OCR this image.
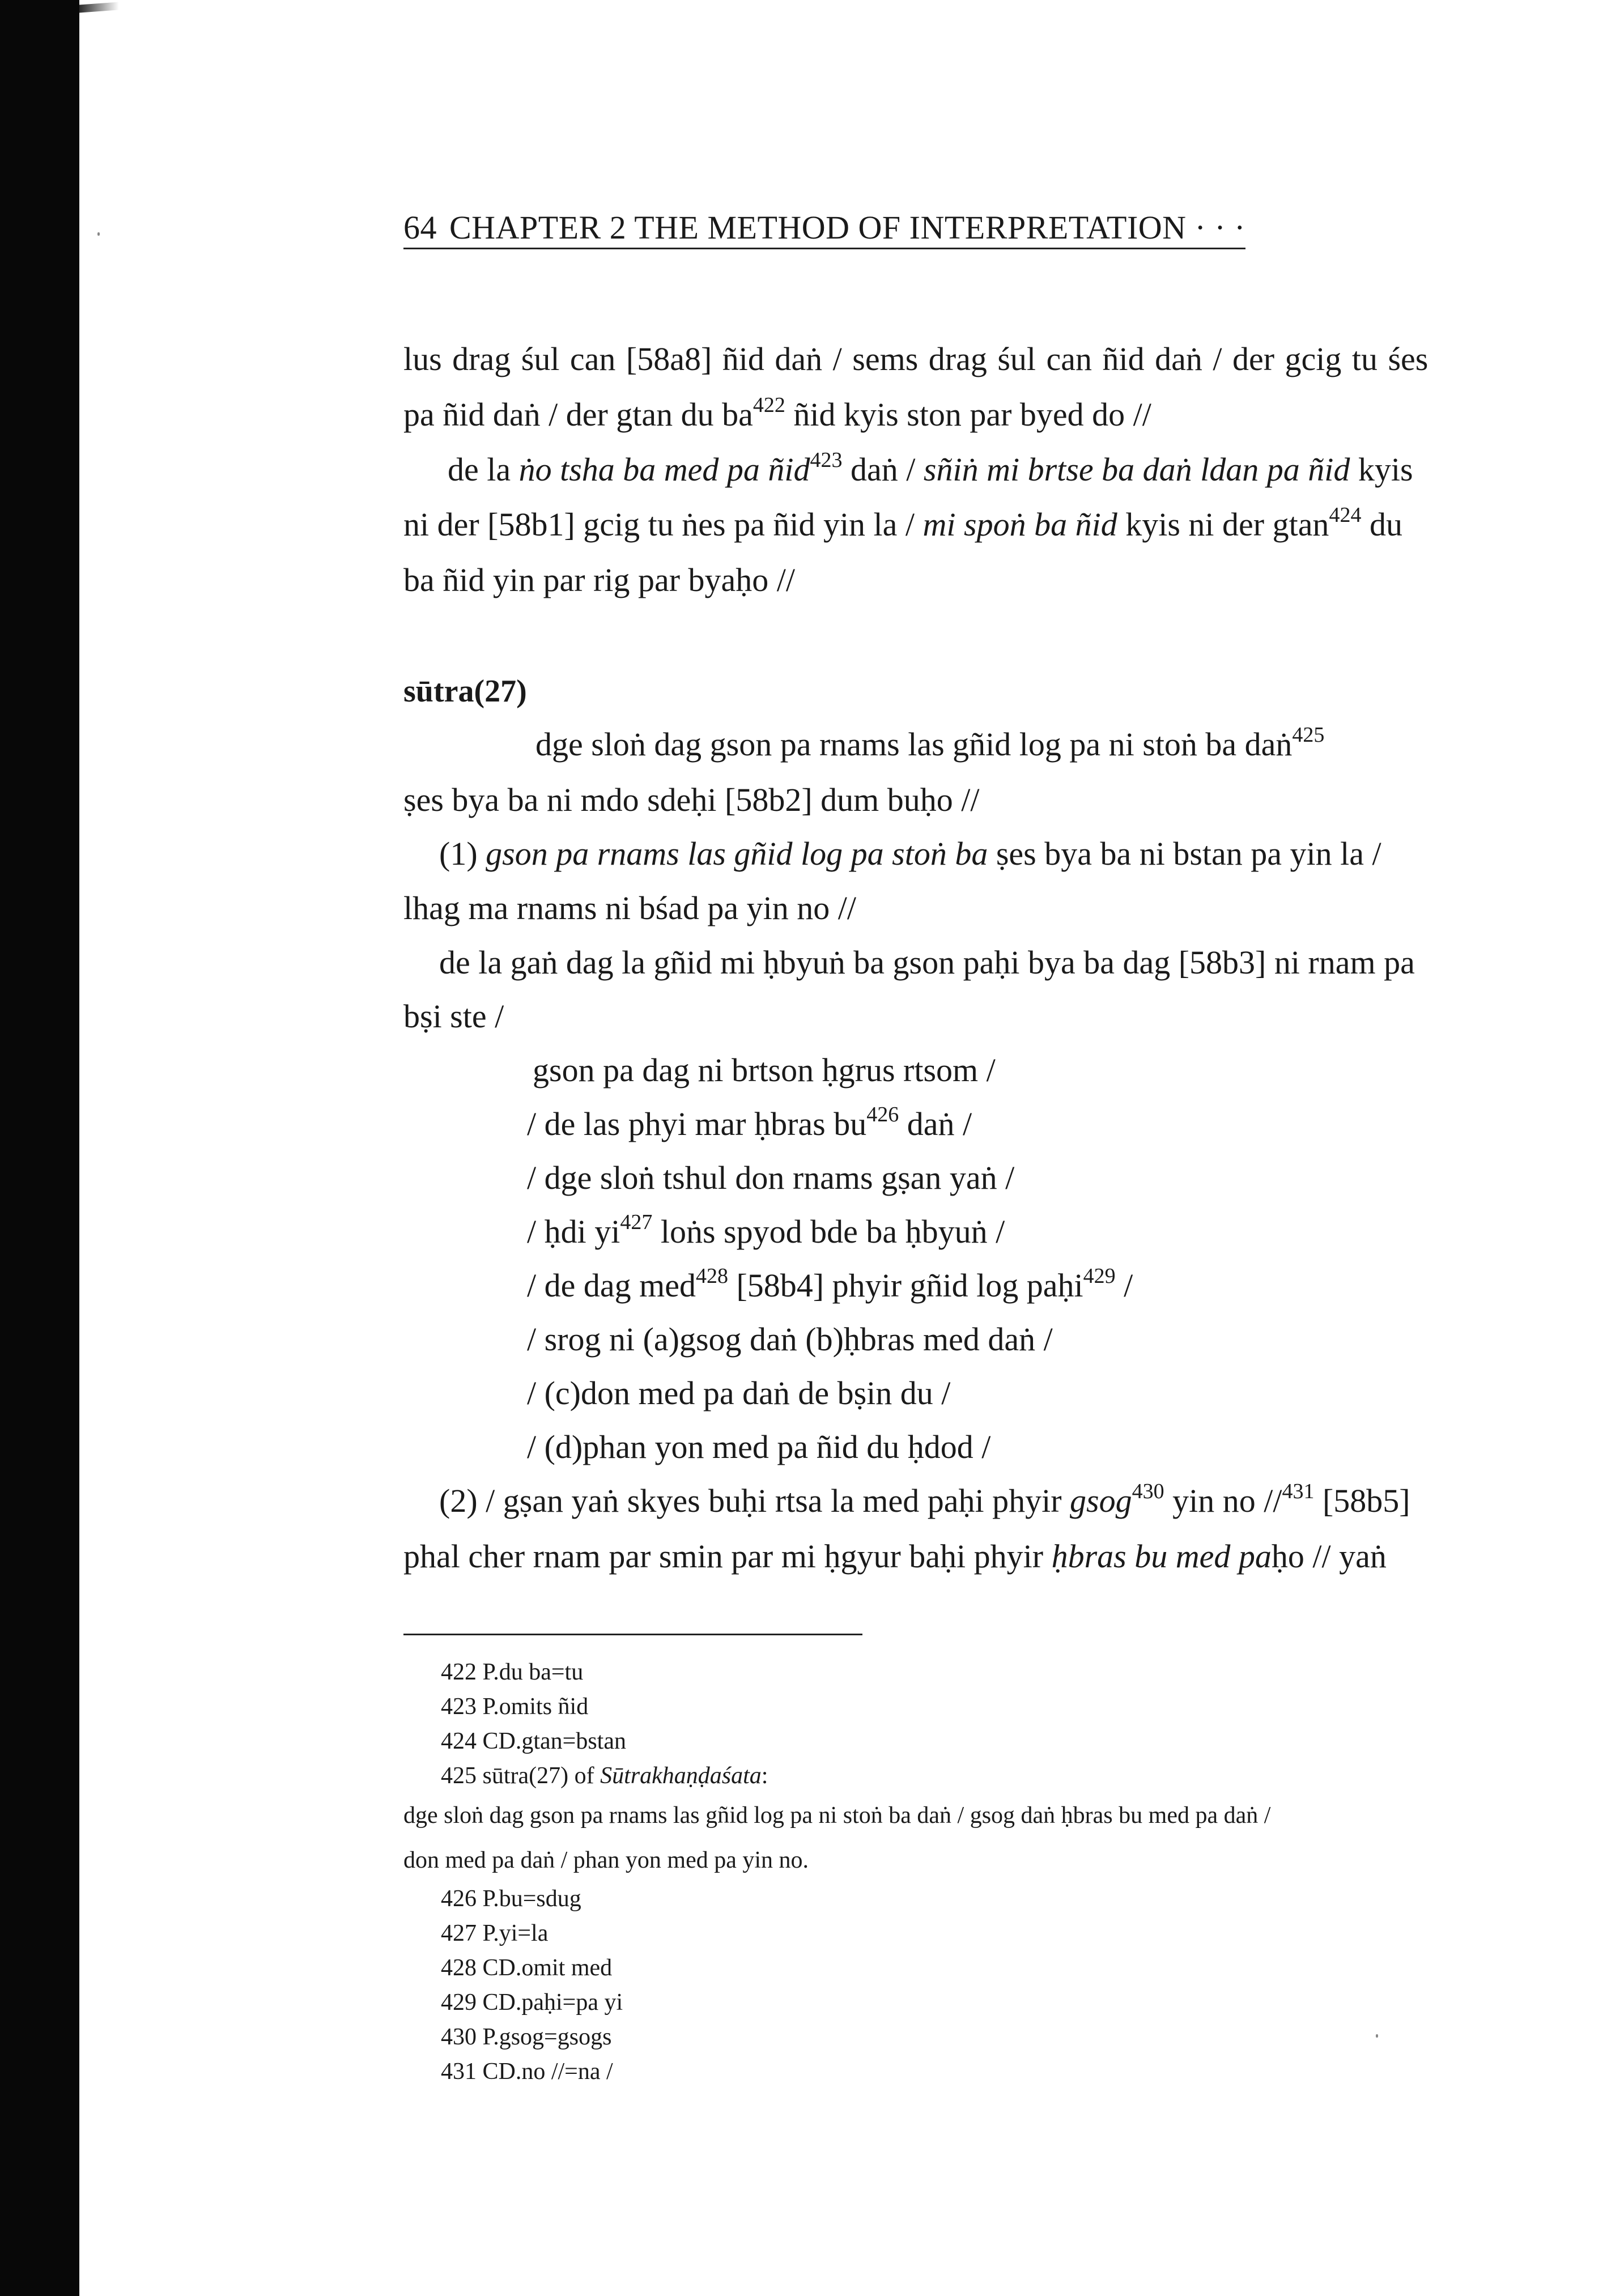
64 CHAPTER 2 THE METHOD OF INTERPRETATION · · ·
lus drag śul can [58a8] ñid daṅ / sems drag śul can ñid daṅ / der gcig tu śes
pa ñid daṅ / der gtan du $ba^{422}$ ñid kyis ston par byed do //
de la ṅo tsha ba med pa ñid$^{423}$ daṅ / sñiṅ mi brtse ba daṅ ldan pa ñid kyis
ni der [58b1] gcig tu ṅes pa ñid yin la / mi spoṅ ba ñid kyis ni der gtan$^{424}$ du
ba ñid yin par rig par byaḥo //
sūtra(27)
dge sloṅ dag gson pa rnams las gñid log pa ni stoṅ ba daṅ$^{425}$
ṣes bya ba ni mdo sdeḥi [58b2] dum buḥo //
(1) gson pa rnams las gñid log pa stoṅ ba ṣes bya ba ni bstan pa yin la /
lhag ma rnams ni bśad pa yin no //
de la gaṅ dag la gñid mi ḥbyuṅ ba gson paḥi bya ba dag [58b3] ni rnam pa
bṣi ste /
gson pa dag ni brtson ḥgrus rtsom /
/ de las phyi mar ḥbras $bu^{426}$ daṅ /
/ dge sloṅ tshul don rnams gṣan yaṅ /
/ ḥdi $yi^{427}$ loṅs spyod bde ba ḥbyuṅ /
/ de dag med$^{428}$ [58b4] phyir gñid log paḥi$^{429}$ /
/ srog ni (a)gsog daṅ (b)ḥbras med daṅ /
/ (c)don med pa daṅ de bṣin du /
/ (d)phan yon med pa ñid du ḥdod /
(2) / gṣan yaṅ skyes buḥi rtsa la med paḥi phyir gsog$^{430}$ yin no //$^{431}$ [58b5]
phal cher rnam par smin par mi ḥgyur baḥi phyir ḥbras bu med paḥo // yaṅ
422 P.du ba=tu
423 P.omits ñid
424 CD.gtan=bstan
425 sūtra(27) of Sūtrakhaṇḍаśata:
dge sloṅ dag gson pa rnams las gñid log pa ni stoṅ ba daṅ / gsog daṅ ḥbras bu med pa daṅ /
don med pa daṅ / phan yon med pa yin no.
426 P.bu=sdug
427 P.yi=la
428 CD.omit med
429 CD.paḥi=pa yi
430 P.gsog=gsogs
431 CD.no //=na /
